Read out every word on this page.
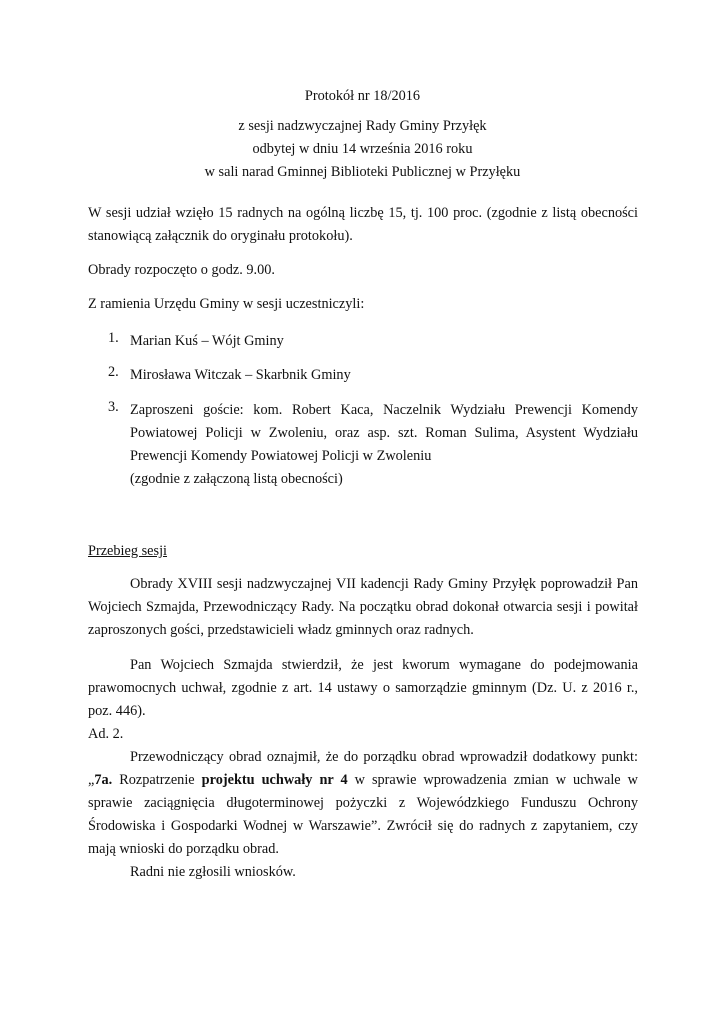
Protokół nr 18/2016

z sesji nadzwyczajnej Rady Gminy Przyłęk

odbytej w dniu 14 września 2016 roku

w sali narad Gminnej Biblioteki Publicznej w Przyłęku

W sesji udział wzięło 15 radnych na ogólną liczbę 15, tj. 100 proc. (zgodnie z listą obecności stanowiącą załącznik do oryginału protokołu).

Obrady rozpoczęto o godz. 9.00.

Z ramienia Urzędu Gminy w sesji uczestniczyli:

1. Marian Kuś – Wójt Gminy
2. Mirosława Witczak – Skarbnik Gminy
3. Zaproszeni goście: kom. Robert Kaca, Naczelnik Wydziału Prewencji Komendy Powiatowej Policji w Zwoleniu, oraz asp. szt. Roman Sulima, Asystent Wydziału Prewencji Komendy Powiatowej Policji w Zwoleniu
(zgodnie z załączoną listą obecności)

Przebieg sesji

Obrady XVIII sesji nadzwyczajnej VII kadencji Rady Gminy Przyłęk poprowadził Pan Wojciech Szmajda, Przewodniczący Rady. Na początku obrad dokonał otwarcia sesji i powitał zaproszonych gości, przedstawicieli władz gminnych oraz radnych.

Pan Wojciech Szmajda stwierdził, że jest kworum wymagane do podejmowania prawomocnych uchwał, zgodnie z art. 14 ustawy o samorządzie gminnym (Dz. U. z 2016 r., poz. 446).

Ad. 2.

Przewodniczący obrad oznajmił, że do porządku obrad wprowadził dodatkowy punkt: „7a. Rozpatrzenie projektu uchwały nr 4 w sprawie wprowadzenia zmian w uchwale w sprawie zaciągnięcia długoterminowej pożyczki z Wojewódzkiego Funduszu Ochrony Środowiska i Gospodarki Wodnej w Warszawie”. Zwrócił się do radnych z zapytaniem, czy mają wnioski do porządku obrad.

Radni nie zgłosili wniosków.
